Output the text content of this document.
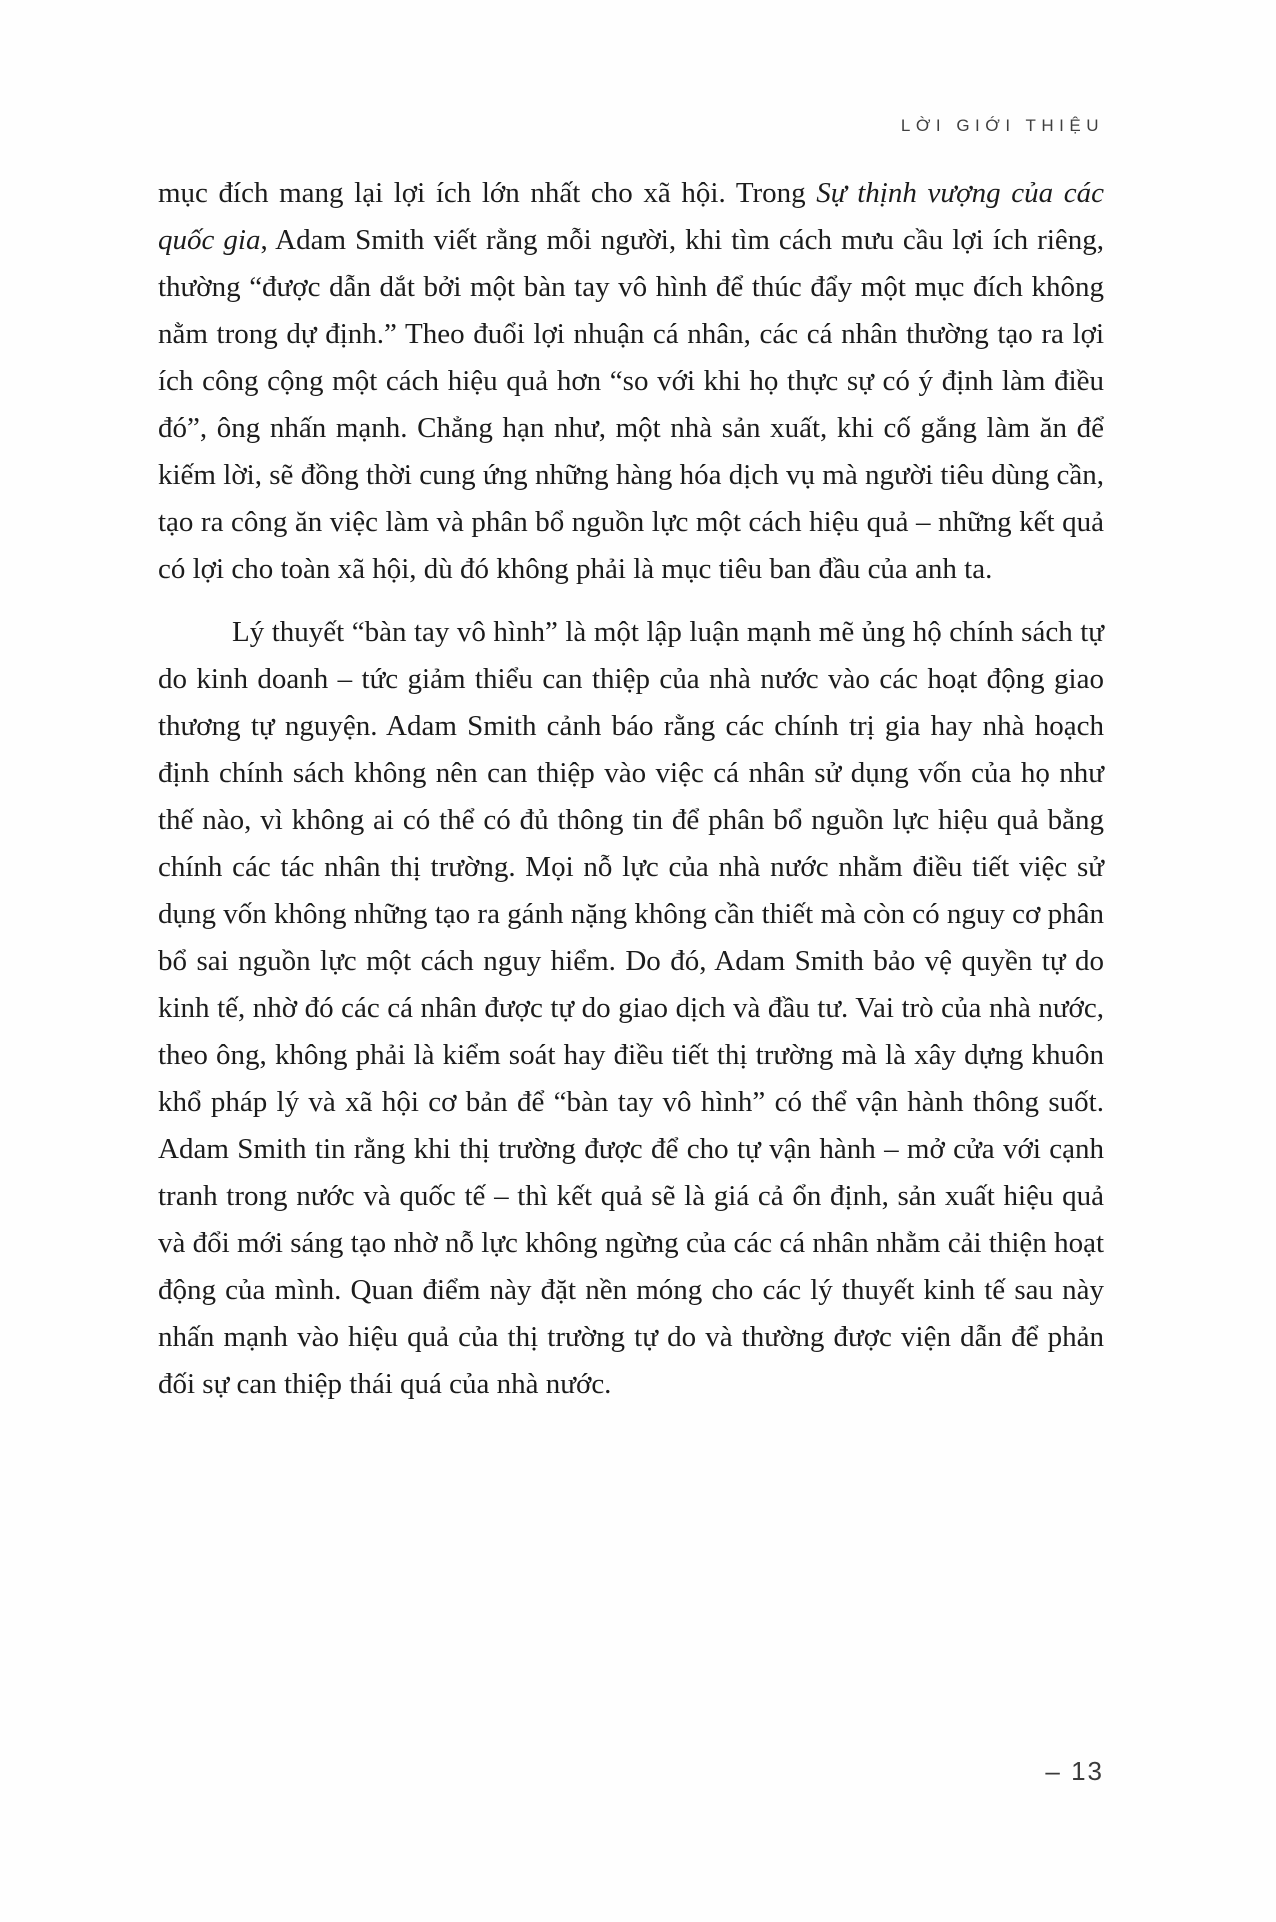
LỜI GIỚI THIỆU

mục đích mang lại lợi ích lớn nhất cho xã hội. Trong Sự thịnh vượng của các quốc gia, Adam Smith viết rằng mỗi người, khi tìm cách mưu cầu lợi ích riêng, thường “được dẫn dắt bởi một bàn tay vô hình để thúc đẩy một mục đích không nằm trong dự định.” Theo đuổi lợi nhuận cá nhân, các cá nhân thường tạo ra lợi ích công cộng một cách hiệu quả hơn “so với khi họ thực sự có ý định làm điều đó”, ông nhấn mạnh. Chẳng hạn như, một nhà sản xuất, khi cố gắng làm ăn để kiếm lời, sẽ đồng thời cung ứng những hàng hóa dịch vụ mà người tiêu dùng cần, tạo ra công ăn việc làm và phân bổ nguồn lực một cách hiệu quả – những kết quả có lợi cho toàn xã hội, dù đó không phải là mục tiêu ban đầu của anh ta.

Lý thuyết “bàn tay vô hình” là một lập luận mạnh mẽ ủng hộ chính sách tự do kinh doanh – tức giảm thiểu can thiệp của nhà nước vào các hoạt động giao thương tự nguyện. Adam Smith cảnh báo rằng các chính trị gia hay nhà hoạch định chính sách không nên can thiệp vào việc cá nhân sử dụng vốn của họ như thế nào, vì không ai có thể có đủ thông tin để phân bổ nguồn lực hiệu quả bằng chính các tác nhân thị trường. Mọi nỗ lực của nhà nước nhằm điều tiết việc sử dụng vốn không những tạo ra gánh nặng không cần thiết mà còn có nguy cơ phân bổ sai nguồn lực một cách nguy hiểm. Do đó, Adam Smith bảo vệ quyền tự do kinh tế, nhờ đó các cá nhân được tự do giao dịch và đầu tư. Vai trò của nhà nước, theo ông, không phải là kiểm soát hay điều tiết thị trường mà là xây dựng khuôn khổ pháp lý và xã hội cơ bản để “bàn tay vô hình” có thể vận hành thông suốt. Adam Smith tin rằng khi thị trường được để cho tự vận hành – mở cửa với cạnh tranh trong nước và quốc tế – thì kết quả sẽ là giá cả ổn định, sản xuất hiệu quả và đổi mới sáng tạo nhờ nỗ lực không ngừng của các cá nhân nhằm cải thiện hoạt động của mình. Quan điểm này đặt nền móng cho các lý thuyết kinh tế sau này nhấn mạnh vào hiệu quả của thị trường tự do và thường được viện dẫn để phản đối sự can thiệp thái quá của nhà nước.

– 13
